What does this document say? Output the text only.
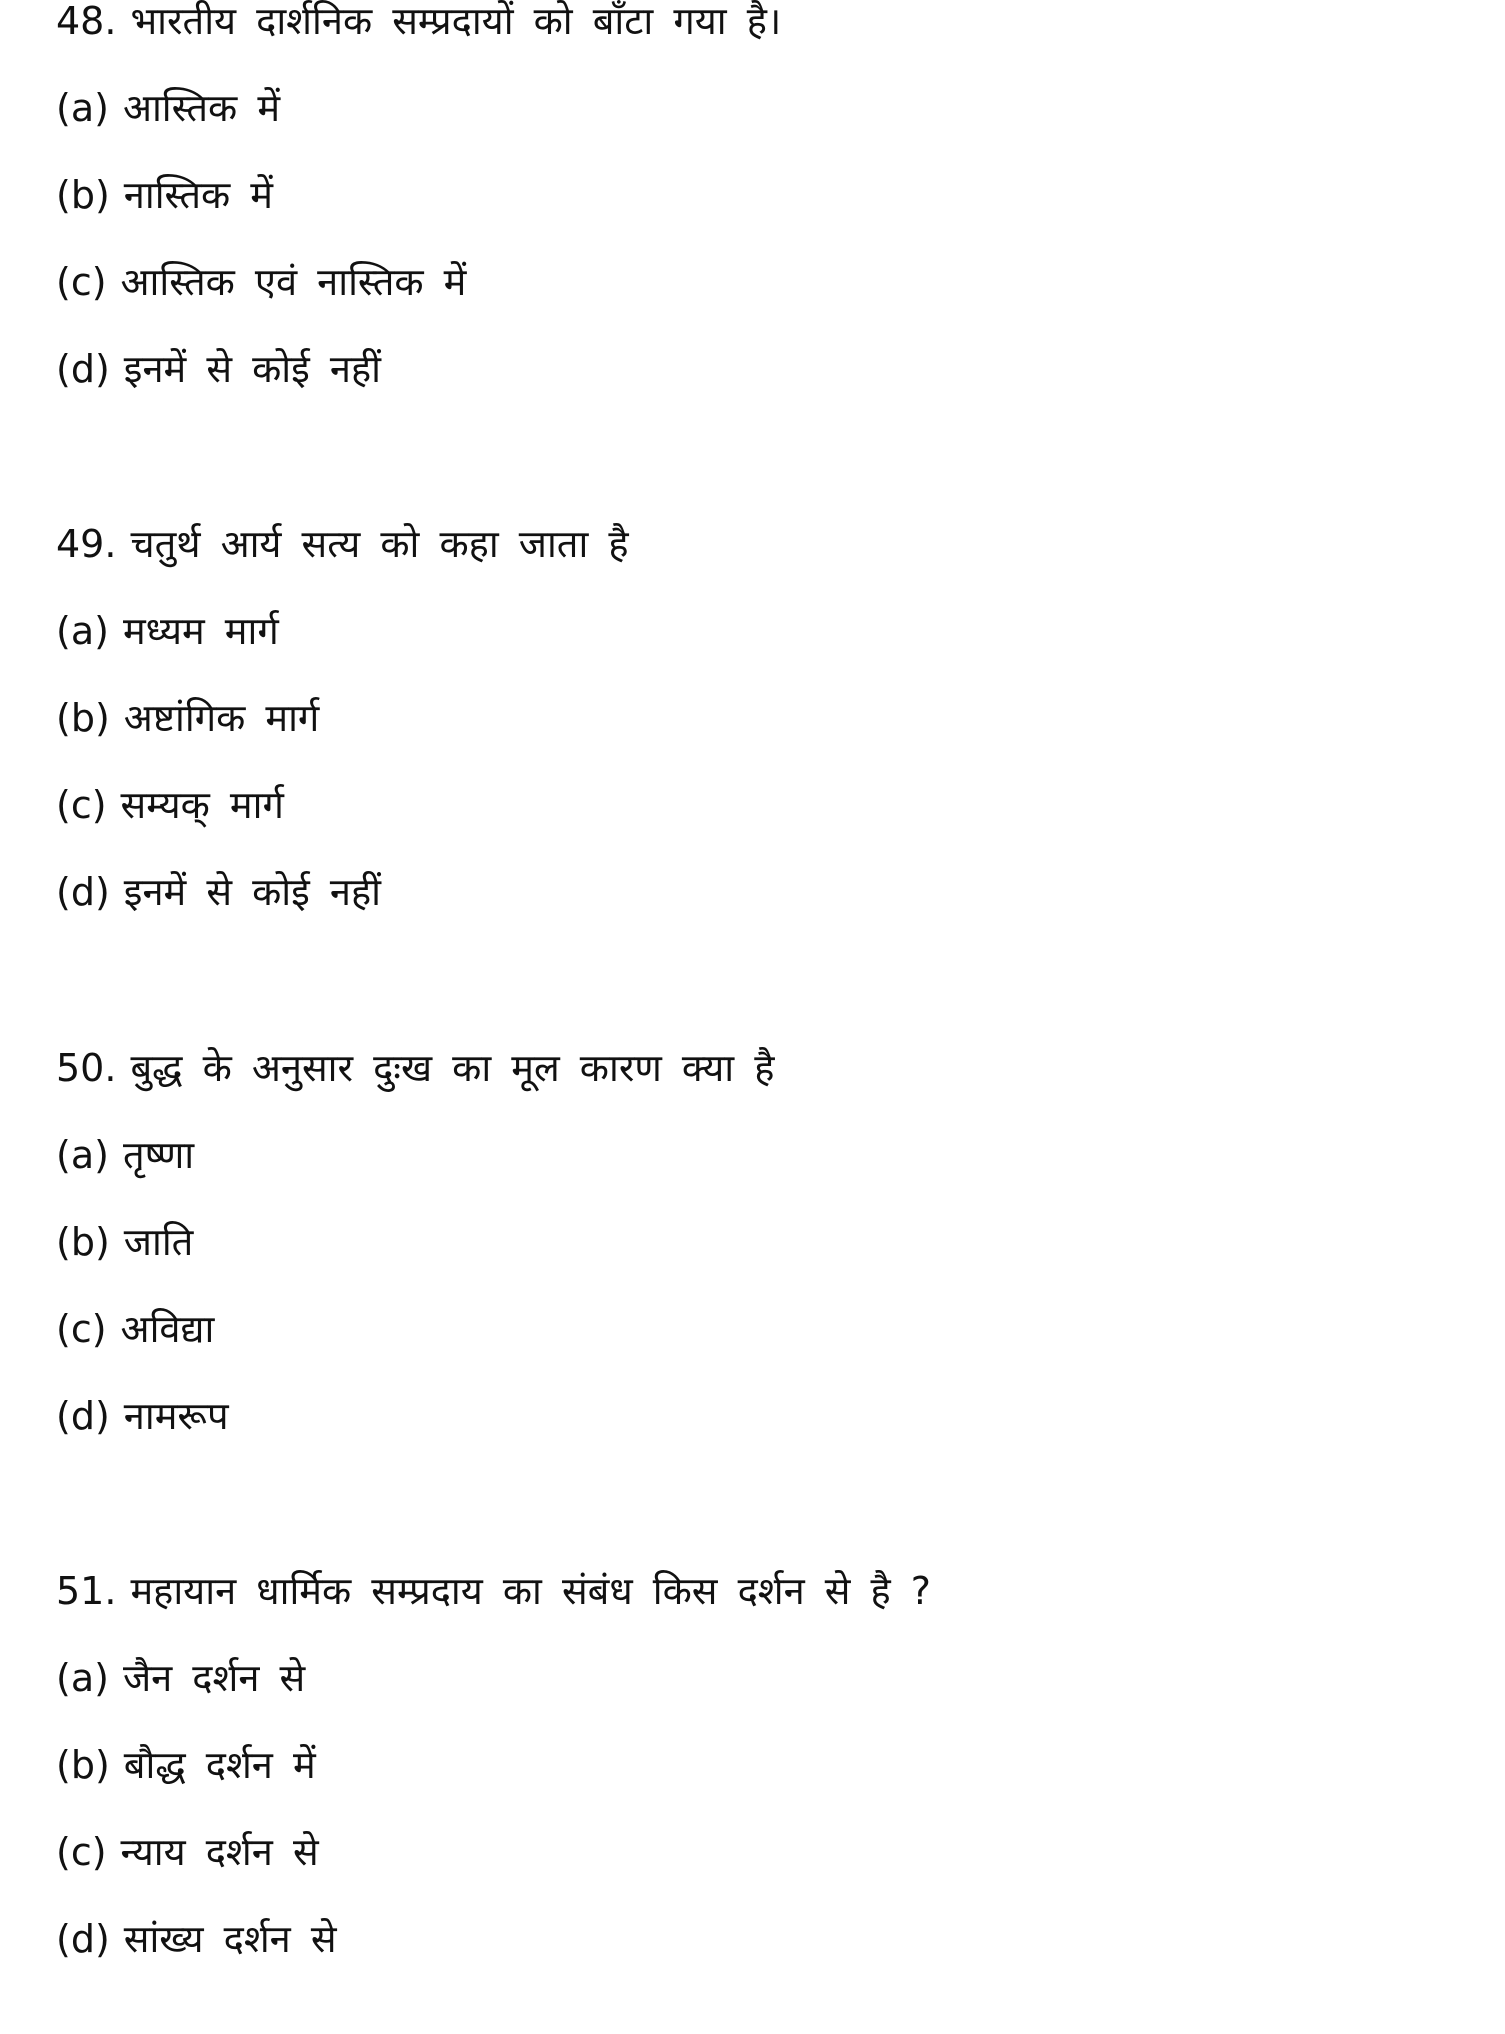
48. भारतीय दार्शनिक सम्प्रदायों को बाँटा गया है।
(a) आस्तिक में
(b) नास्तिक में
(c) आस्तिक एवं नास्तिक में
(d) इनमें से कोई नहीं
49. चतुर्थ आर्य सत्य को कहा जाता है
(a) मध्यम मार्ग
(b) अष्टांगिक मार्ग
(c) सम्यक् मार्ग
(d) इनमें से कोई नहीं
50. बुद्ध के अनुसार दुःख का मूल कारण क्या है
(a) तृष्णा
(b) जाति
(c) अविद्या
(d) नामरूप
51. महायान धार्मिक सम्प्रदाय का संबंध किस दर्शन से है ?
(a) जैन दर्शन से
(b) बौद्ध दर्शन में
(c) न्याय दर्शन से
(d) सांख्य दर्शन से
